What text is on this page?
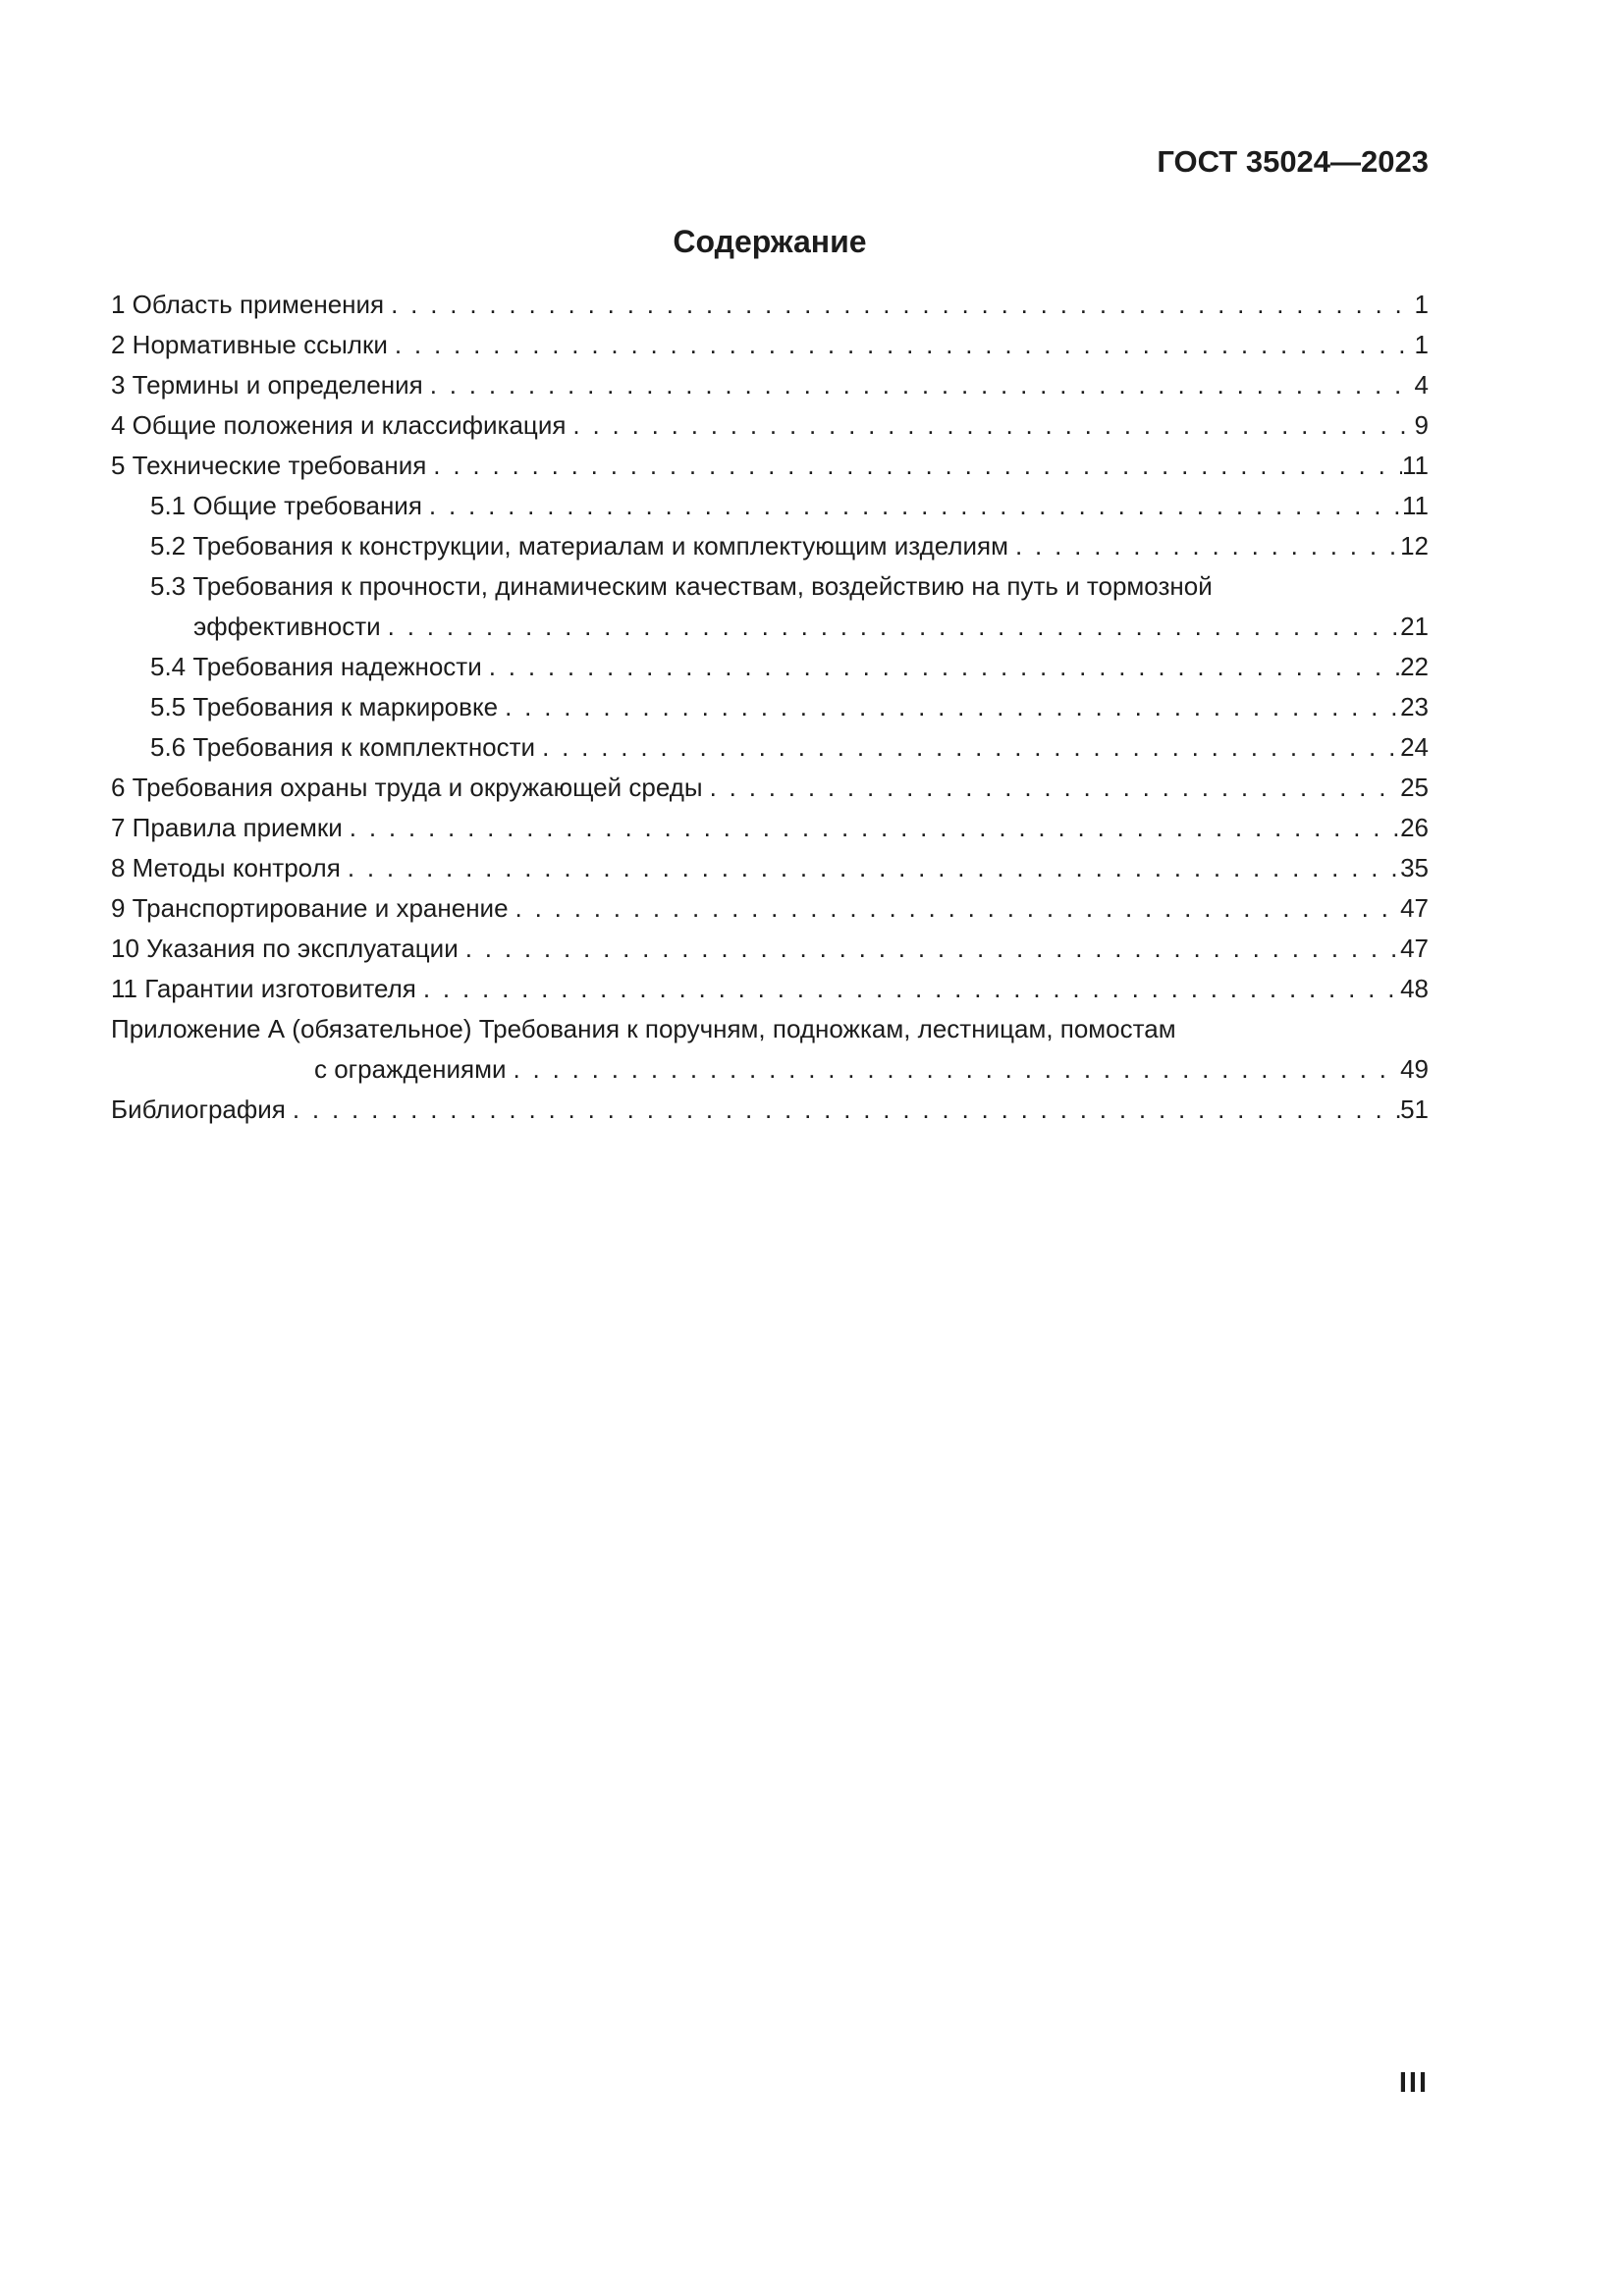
ГОСТ 35024—2023
Содержание
1 Область применения . . .	1
2 Нормативные ссылки . . .	1
3 Термины и определения . . .	4
4 Общие положения и классификация . . .	9
5 Технические требования . . .	11
5.1 Общие требования . . .	11
5.2 Требования к конструкции, материалам и комплектующим изделиям . . .	12
5.3 Требования к прочности, динамическим качествам, воздействию на путь и тормозной
эффективности . . .	21
5.4 Требования надежности . . .	22
5.5 Требования к маркировке . . .	23
5.6 Требования к комплектности . . .	24
6 Требования охраны труда и окружающей среды . . .	25
7 Правила приемки . . .	26
8 Методы контроля . . .	35
9 Транспортирование и хранение . . .	47
10 Указания по эксплуатации . . .	47
11 Гарантии изготовителя . . .	48
Приложение А (обязательное) Требования к поручням, подножкам, лестницам, помостам
с ограждениями . . .	49
Библиография . . .	51
III
